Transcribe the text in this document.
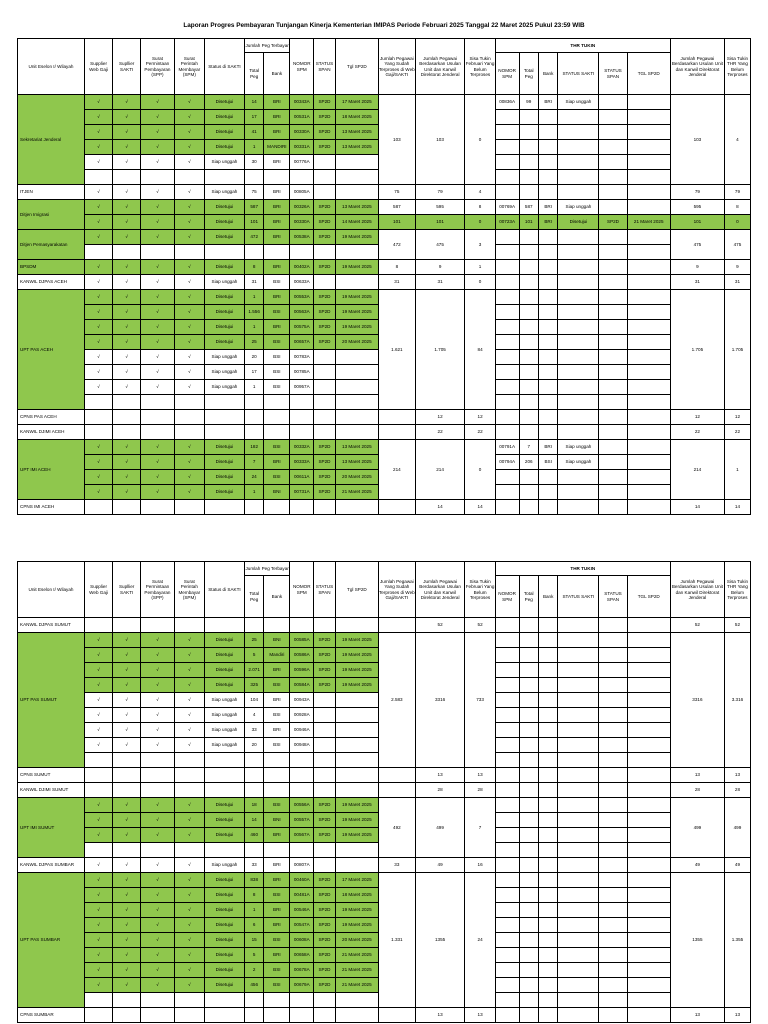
Laporan Progres Pembayaran Tunjangan Kinerja Kementerian IMIPAS Periode Februari 2025 Tanggal 22 Maret 2025 Pukul 23:59 WIB
Unit Eselon I/ Wilayah	Supplier Web Gaji	Supllier SAKTI	Surat Permintaan Pembayaran (SPP)	Surat Perintah Membayar (SPM)	Status di SAKTI	Jumlah Peg Terbayar		NOMOR SPM	STATUS SPAN	Tgl SP2D	Jumlah Pegawai Yang Sudah Terproses di Web Gaji/SAKTI	Jumlah Pegawai Berdasarkan Usulan Unit dan Kanwil Direktorat Jenderal	Sisa Tukin Februari Yang Belum Terproses	THR TUKIN						Jumlah Pegawai Berdasarkan Usulan Unit dan Kanwil Direktorat Jenderal	Sisa Tukin THR Yang Belum Terproses
						Total Peg	Bank							NOMOR SPM	Total Peg	Bank	STATUS SAKTI	STATUS SPAN	TGL SP2D		
Sekretariat Jenderal	√	√	√	√	Disetujui	14	BRI	00343A	SP2D	17 Maret 2025	103	103	0	00836A	99	BRI	Siap unggah			103	4
	√	√	√	√	Disetujui	17	BRI	00531A	SP2D	18 Maret 2025											
	√	√	√	√	Disetujui	41	BRI	00330A	SP2D	13 Maret 2025											
	√	√	√	√	Disetujui	1	MANDIRI	00331A	SP2D	13 Maret 2025											
	√	√	√	√	Siap unggah	30	BRI	00776A													

ITJEN	√	√	√	√	Siap unggah	75	BRI	00805A			75	79	4							79	79
Ditjen Imigrasi	√	√	√	√	Disetujui	587	BRI	00326A	SP2D	13 Maret 2025	587	595	8	00769A	587	BRI	Siap unggah			595	8
	√	√	√	√	Disetujui	101	BRI	00330A	SP2D	14 Maret 2025	101	101	0	00723A	101	BRI	Disetujui	SP2D	21 Maret 2025	101	0
Ditjen Pemasyarakatan	√	√	√	√	Disetujui	472	BRI	00538A	SP2D	19 Maret 2025	472	475	3							475	475

BPSDM	√	√	√	√	Disetujui	8	BRI	00402A	SP2D	19 Maret 2025	8	9	1							9	9
KANWIL DJPAS ACEH	√	√	√	√	Siap unggah	31	BSI	00633A			31	31	0							31	31
UPT PAS ACEH	√	√	√	√	Disetujui	1	BRI	00553A	SP2D	19 Maret 2025	1.621	1.705	84							1.705	1.705
	√	√	√	√	Disetujui	1.556	BSI	00563A	SP2D	19 Maret 2025											
	√	√	√	√	Disetujui	1	BRI	00575A	SP2D	19 Maret 2025											
	√	√	√	√	Disetujui	25	BSI	00657A	SP2D	20 Maret 2025											
	√	√	√	√	Siap unggah	20	BSI	00783A													
	√	√	√	√	Siap unggah	17	BSI	00785A													
	√	√	√	√	Siap unggah	1	BSI	00957A													

CPNS PAS ACEH												12	12							12	12
KANWIL DJIMI ACEH												22	22							22	22
UPT IMI ACEH	√	√	√	√	Disetujui	182	BSI	00332A	SP2D	13 Maret 2025	214	214	0	00791A	7	BRI	Siap unggah			214	1
	√	√	√	√	Disetujui	7	BRI	00333A	SP2D	13 Maret 2025				00794A	206	BSI	Siap unggah				
	√	√	√	√	Disetujui	24	BSI	00611A	SP2D	20 Maret 2025											
	√	√	√	√	Disetujui	1	BNI	00731A	SP2D	21 Maret 2025											
CPNS IMI ACEH												14	14							14	14
Unit Eselon I/ Wilayah	Supplier Web Gaji	Supllier SAKTI	Surat Permintaan Pembayaran (SPP)	Surat Perintah Membayar (SPM)	Status di SAKTI	Jumlah Peg Terbayar		NOMOR SPM	STATUS SPAN	Tgl SP2D	Jumlah Pegawai Yang Sudah Terproses di Web Gaji/SAKTI	Jumlah Pegawai Berdasarkan Usulan Unit dan Kanwil Direktorat Jenderal	Sisa Tukin Februari Yang Belum Terproses	THR TUKIN						Jumlah Pegawai Berdasarkan Usulan Unit dan Kanwil Direktorat Jenderal	Sisa Tukin THR Yang Belum Terproses
						Total Peg	Bank							NOMOR SPM	Total Peg	Bank	STATUS SAKTI	STATUS SPAN	TGL SP2D		
KANWIL DJPAS SUMUT												52	52							52	52
UPT PAS SUMUT	√	√	√	√	Disetujui	25	BNI	00585A	SP2D	19 Maret 2025	2.583	3316	733							3316	3.316
	√	√	√	√	Disetujui	5	Mandiri	00586A	SP2D	19 Maret 2025											
	√	√	√	√	Disetujui	2.071	BRI	00596A	SP2D	19 Maret 2025											
	√	√	√	√	Disetujui	325	BSI	00584A	SP2D	19 Maret 2025											
	√	√	√	√	Siap unggah	104	BRI	00943A													
	√	√	√	√	Siap unggah	4	BSI	00928A													
	√	√	√	√	Siap unggah	33	BRI	00946A													
	√	√	√	√	Siap unggah	20	BSI	00948A													

CPNS SUMUT												13	13							13	13
KANWIL DJIMI SUMUT												28	28							28	28
UPT IMI SUMUT	√	√	√	√	Disetujui	18	BSI	00556A	SP2D	19 Maret 2025	492	499	7							499	499
	√	√	√	√	Disetujui	14	BNI	00557A	SP2D	19 Maret 2025											
	√	√	√	√	Disetujui	460	BRI	00567A	SP2D	19 Maret 2025											

KANWIL DJPAS SUMBAR	√	√	√	√	Siap unggah	33	BRI	00807A			33	49	16							49	49
UPT PAS SUMBAR	√	√	√	√	Disetujui	838	BRI	00460A	SP2D	17 Maret 2025	1.331	1355	24							1355	1.355
	√	√	√	√	Disetujui	8	BSI	00481A	SP2D	18 Maret 2025											
	√	√	√	√	Disetujui	1	BRI	00546A	SP2D	19 Maret 2025											
	√	√	√	√	Disetujui	6	BRI	00547A	SP2D	19 Maret 2025											
	√	√	√	√	Disetujui	15	BSI	00608A	SP2D	20 Maret 2025											
	√	√	√	√	Disetujui	5	BRI	00658A	SP2D	21 Maret 2025											
	√	√	√	√	Disetujui	2	BSI	00678A	SP2D	21 Maret 2025											
	√	√	√	√	Disetujui	456	BSI	00679A	SP2D	21 Maret 2025											

CPNS SUMBAR												13	13							13	13
